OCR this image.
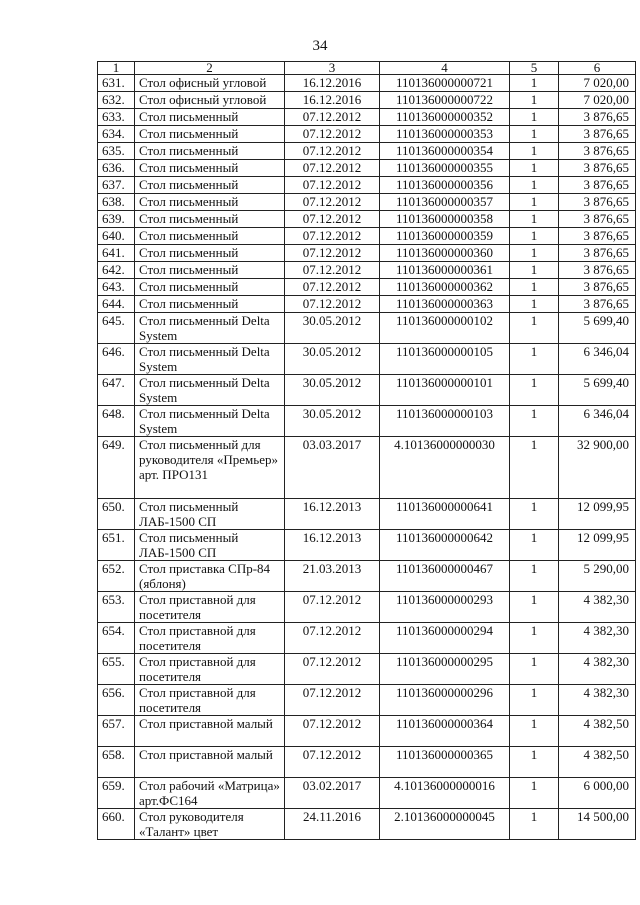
34
1	2	3	4	5	6
631.	Стол офисный угловой	16.12.2016	110136000000721	1	7 020,00
632.	Стол офисный угловой	16.12.2016	110136000000722	1	7 020,00
633.	Стол письменный	07.12.2012	110136000000352	1	3 876,65
634.	Стол письменный	07.12.2012	110136000000353	1	3 876,65
635.	Стол письменный	07.12.2012	110136000000354	1	3 876,65
636.	Стол письменный	07.12.2012	110136000000355	1	3 876,65
637.	Стол письменный	07.12.2012	110136000000356	1	3 876,65
638.	Стол письменный	07.12.2012	110136000000357	1	3 876,65
639.	Стол письменный	07.12.2012	110136000000358	1	3 876,65
640.	Стол письменный	07.12.2012	110136000000359	1	3 876,65
641.	Стол письменный	07.12.2012	110136000000360	1	3 876,65
642.	Стол письменный	07.12.2012	110136000000361	1	3 876,65
643.	Стол письменный	07.12.2012	110136000000362	1	3 876,65
644.	Стол письменный	07.12.2012	110136000000363	1	3 876,65
645.	Стол письменный Delta System	30.05.2012	110136000000102	1	5 699,40
646.	Стол письменный Delta System	30.05.2012	110136000000105	1	6 346,04
647.	Стол письменный Delta System	30.05.2012	110136000000101	1	5 699,40
648.	Стол письменный Delta System	30.05.2012	110136000000103	1	6 346,04
649.	Стол письменный для руководителя «Премьер» арт. ПРО131	03.03.2017	4.10136000000030	1	32 900,00
650.	Стол письменный ЛАБ-1500 СП	16.12.2013	110136000000641	1	12 099,95
651.	Стол письменный ЛАБ-1500 СП	16.12.2013	110136000000642	1	12 099,95
652.	Стол приставка СПр-84 (яблоня)	21.03.2013	110136000000467	1	5 290,00
653.	Стол приставной для посетителя	07.12.2012	110136000000293	1	4 382,30
654.	Стол приставной для посетителя	07.12.2012	110136000000294	1	4 382,30
655.	Стол приставной для посетителя	07.12.2012	110136000000295	1	4 382,30
656.	Стол приставной для посетителя	07.12.2012	110136000000296	1	4 382,30
657.	Стол приставной малый	07.12.2012	110136000000364	1	4 382,50
658.	Стол приставной малый	07.12.2012	110136000000365	1	4 382,50
659.	Стол рабочий «Матрица» арт.ФС164	03.02.2017	4.10136000000016	1	6 000,00
660.	Стол руководителя «Талант» цвет	24.11.2016	2.10136000000045	1	14 500,00
